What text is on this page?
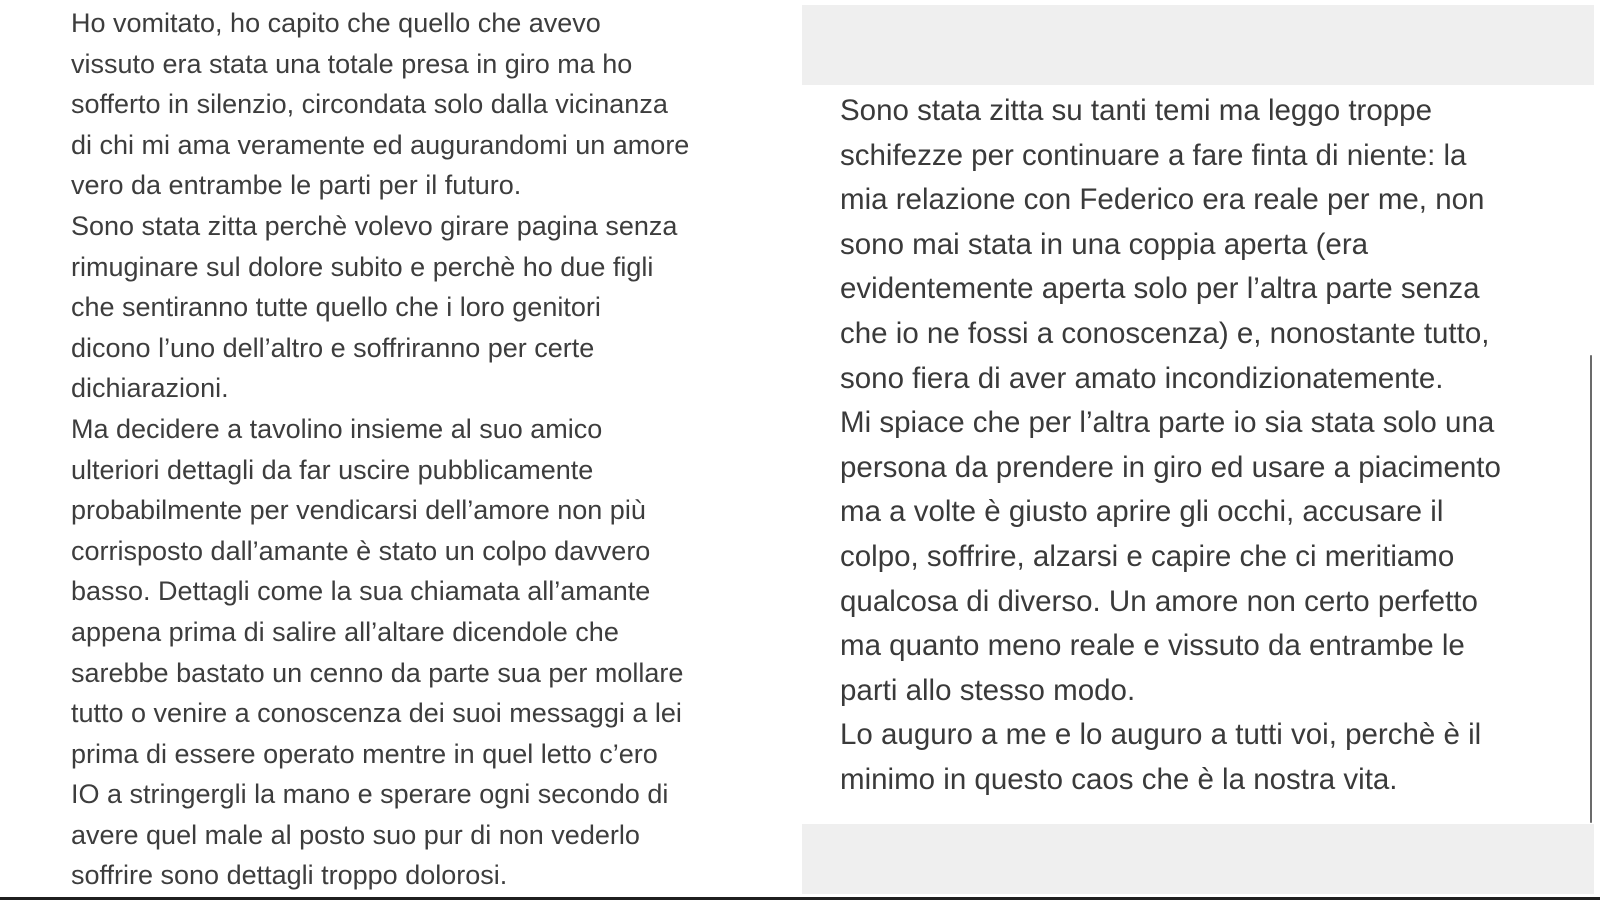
Ho vomitato, ho capito che quello che avevo
vissuto era stata una totale presa in giro ma ho
sofferto in silenzio, circondata solo dalla vicinanza
di chi mi ama veramente ed augurandomi un amore
vero da entrambe le parti per il futuro.
Sono stata zitta perchè volevo girare pagina senza
rimuginare sul dolore subito e perchè ho due figli
che sentiranno tutte quello che i loro genitori
dicono l’uno dell’altro e soffriranno per certe
dichiarazioni.
Ma decidere a tavolino insieme al suo amico
ulteriori dettagli da far uscire pubblicamente
probabilmente per vendicarsi dell’amore non più
corrisposto dall’amante è stato un colpo davvero
basso. Dettagli come la sua chiamata all’amante
appena prima di salire all’altare dicendole che
sarebbe bastato un cenno da parte sua per mollare
tutto o venire a conoscenza dei suoi messaggi a lei
prima di essere operato mentre in quel letto c’ero
IO a stringergli la mano e sperare ogni secondo di
avere quel male al posto suo pur di non vederlo
soffrire sono dettagli troppo dolorosi.
Sono stata zitta su tanti temi ma leggo troppe
schifezze per continuare a fare finta di niente: la
mia relazione con Federico era reale per me, non
sono mai stata in una coppia aperta (era
evidentemente aperta solo per l’altra parte senza
che io ne fossi a conoscenza) e, nonostante tutto,
sono fiera di aver amato incondizionatemente.
Mi spiace che per l’altra parte io sia stata solo una
persona da prendere in giro ed usare a piacimento
ma a volte è giusto aprire gli occhi, accusare il
colpo, soffrire, alzarsi e capire che ci meritiamo
qualcosa di diverso. Un amore non certo perfetto
ma quanto meno reale e vissuto da entrambe le
parti allo stesso modo.
Lo auguro a me e lo auguro a tutti voi, perchè è il
minimo in questo caos che è la nostra vita.
